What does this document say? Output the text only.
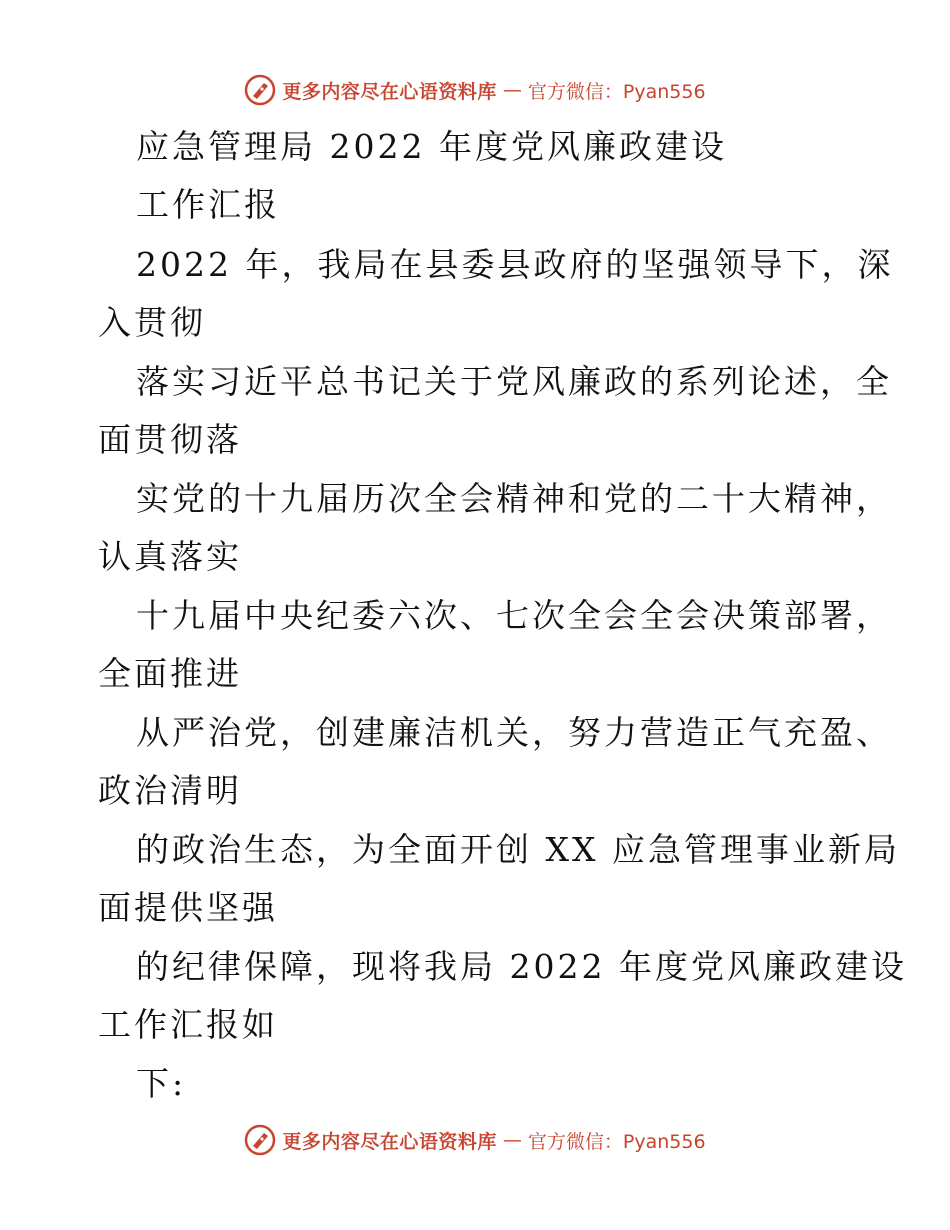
更多内容尽在心语资料库 — 官方微信：Pyan556

应急管理局 2022 年度党风廉政建设

工作汇报

2022 年，我局在县委县政府的坚强领导下，深

入贯彻

落实习近平总书记关于党风廉政的系列论述，全

面贯彻落

实党的十九届历次全会精神和党的二十大精神，

认真落实

十九届中央纪委六次、七次全会全会决策部署，

全面推进

从严治党，创建廉洁机关，努力营造正气充盈、

政治清明

的政治生态，为全面开创 XX 应急管理事业新局

面提供坚强

的纪律保障，现将我局 2022 年度党风廉政建设

工作汇报如

下:

更多内容尽在心语资料库 — 官方微信：Pyan556
